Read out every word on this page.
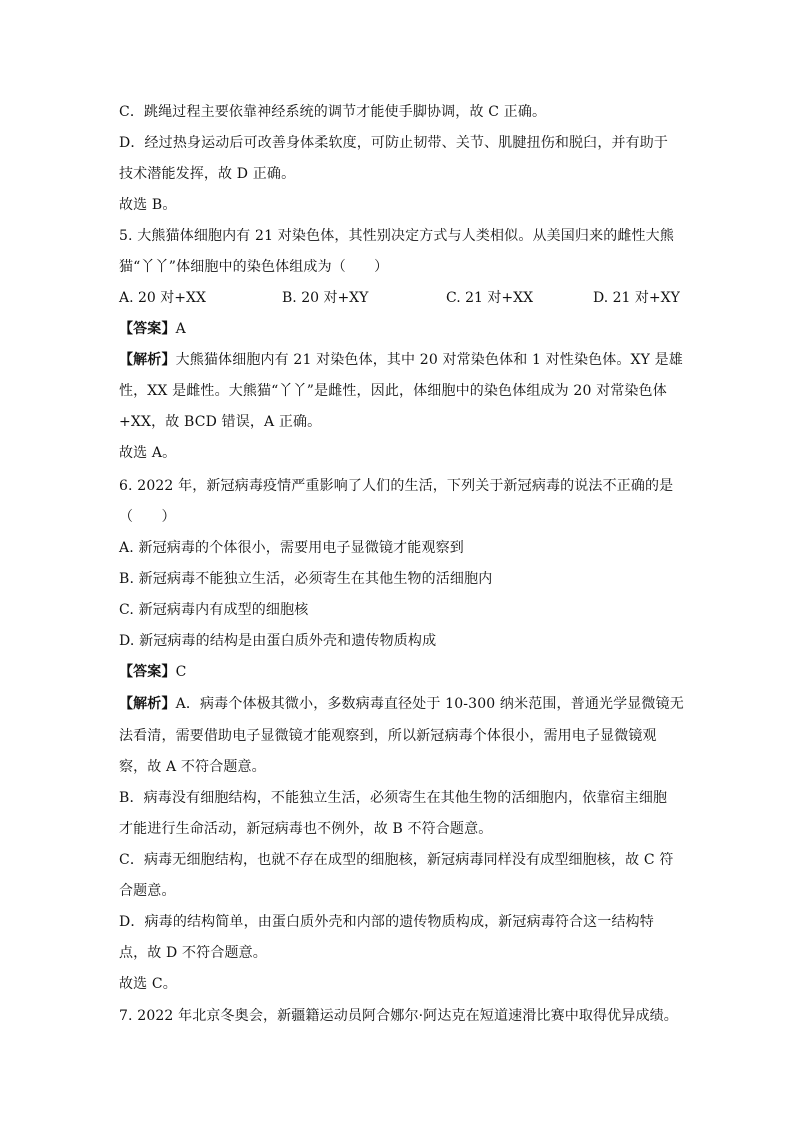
C．跳绳过程主要依靠神经系统的调节才能使手脚协调，故 C 正确。
D．经过热身运动后可改善身体柔软度，可防止韧带、关节、肌腱扭伤和脱臼，并有助于
技术潜能发挥，故 D 正确。
故选 B。
5. 大熊猫体细胞内有 21 对染色体，其性别决定方式与人类相似。从美国归来的雌性大熊
猫“丫丫”体细胞中的染色体组成为（　　）
A. 20 对+XX	B. 20 对+XY	C. 21 对+XX	D. 21 对+XY
【答案】A
【解析】大熊猫体细胞内有 21 对染色体，其中 20 对常染色体和 1 对性染色体。XY 是雄
性，XX 是雌性。大熊猫“丫丫”是雌性，因此，体细胞中的染色体组成为 20 对常染色体
+XX，故 BCD 错误，A 正确。
故选 A。
6. 2022 年，新冠病毒疫情严重影响了人们的生活，下列关于新冠病毒的说法不正确的是
（　　）
A. 新冠病毒的个体很小，需要用电子显微镜才能观察到
B. 新冠病毒不能独立生活，必须寄生在其他生物的活细胞内
C. 新冠病毒内有成型的细胞核
D. 新冠病毒的结构是由蛋白质外壳和遗传物质构成
【答案】C
【解析】A．病毒个体极其微小，多数病毒直径处于 10-300 纳米范围，普通光学显微镜无
法看清，需要借助电子显微镜才能观察到，所以新冠病毒个体很小，需用电子显微镜观
察，故 A 不符合题意。
B．病毒没有细胞结构，不能独立生活，必须寄生在其他生物的活细胞内，依靠宿主细胞
才能进行生命活动，新冠病毒也不例外，故 B 不符合题意。
C．病毒无细胞结构，也就不存在成型的细胞核，新冠病毒同样没有成型细胞核，故 C 符
合题意。
D．病毒的结构简单，由蛋白质外壳和内部的遗传物质构成，新冠病毒符合这一结构特
点，故 D 不符合题意。
故选 C。
7. 2022 年北京冬奥会，新疆籍运动员阿合娜尔·阿达克在短道速滑比赛中取得优异成绩。
